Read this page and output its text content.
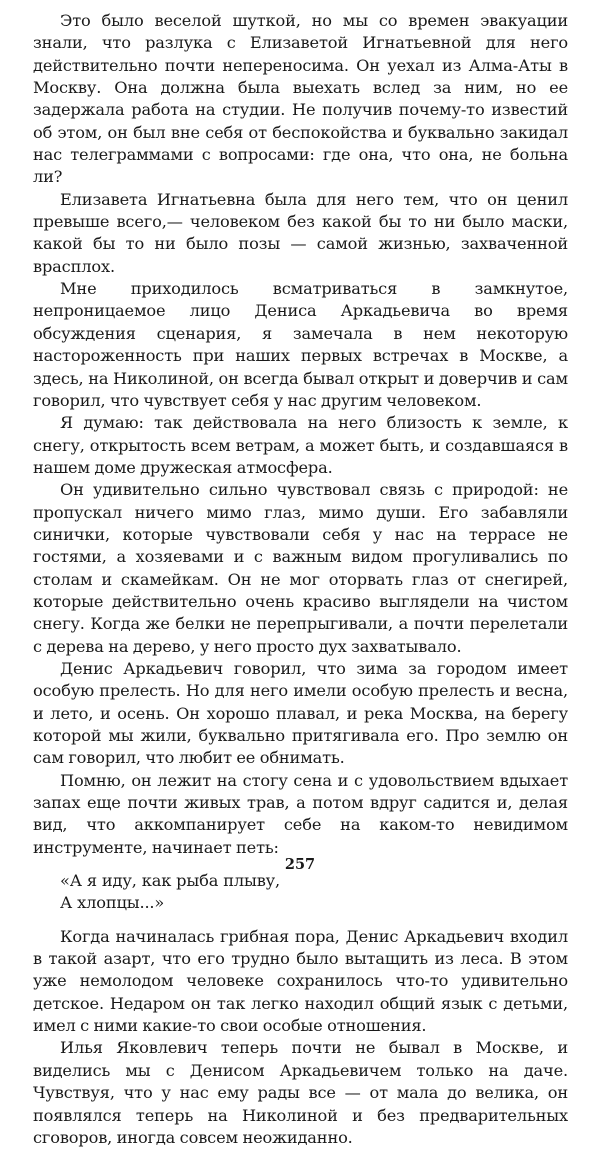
Это было веселой шуткой, но мы со времен эвакуации знали, что разлука с Елизаветой Игнатьевной для него действительно почти непереносима. Он уехал из Алма-Аты в Москву. Она должна была выехать вслед за ним, но ее задержала работа на студии. Не получив почему-то известий об этом, он был вне себя от беспокойства и буквально закидал нас телеграммами с вопросами: где она, что она, не больна ли?

Елизавета Игнатьевна была для него тем, что он ценил превыше всего,— человеком без какой бы то ни было маски, какой бы то ни было позы — самой жизнью, захваченной врасплох.

Мне приходилось всматриваться в замкнутое, непроницаемое лицо Дениса Аркадьевича во время обсуждения сценария, я замечала в нем некоторую настороженность при наших первых встречах в Москве, а здесь, на Николиной, он всегда бывал открыт и доверчив и сам говорил, что чувствует себя у нас другим человеком.

Я думаю: так действовала на него близость к земле, к снегу, открытость всем ветрам, а может быть, и создавшаяся в нашем доме дружеская атмосфера.

Он удивительно сильно чувствовал связь с природой: не пропускал ничего мимо глаз, мимо души. Его забавляли синички, которые чувствовали себя у нас на террасе не гостями, а хозяевами и с важным видом прогуливались по столам и скамейкам. Он не мог оторвать глаз от снегирей, которые действительно очень красиво выглядели на чистом снегу. Когда же белки не перепрыгивали, а почти перелетали с дерева на дерево, у него просто дух захватывало.

Денис Аркадьевич говорил, что зима за городом имеет особую прелесть. Но для него имели особую прелесть и весна, и лето, и осень. Он хорошо плавал, и река Москва, на берегу которой мы жили, буквально притягивала его. Про землю он сам говорил, что любит ее обнимать.

Помню, он лежит на стогу сена и с удовольствием вдыхает запах еще почти живых трав, а потом вдруг садится и, делая вид, что аккомпанирует себе на каком-то невидимом инструменте, начинает петь:

«А я иду, как рыба плыву,
А хлопцы...»

Когда начиналась грибная пора, Денис Аркадьевич входил в такой азарт, что его трудно было вытащить из леса. В этом уже немолодом человеке сохранилось что-то удивительно детское. Недаром он так легко находил общий язык с детьми, имел с ними какие-то свои особые отношения.

Илья Яковлевич теперь почти не бывал в Москве, и виделись мы с Денисом Аркадьевичем только на даче. Чувствуя, что у нас ему рады все — от мала до велика, он появлялся теперь на Николиной и без предварительных сговоров, иногда совсем неожиданно.

257
